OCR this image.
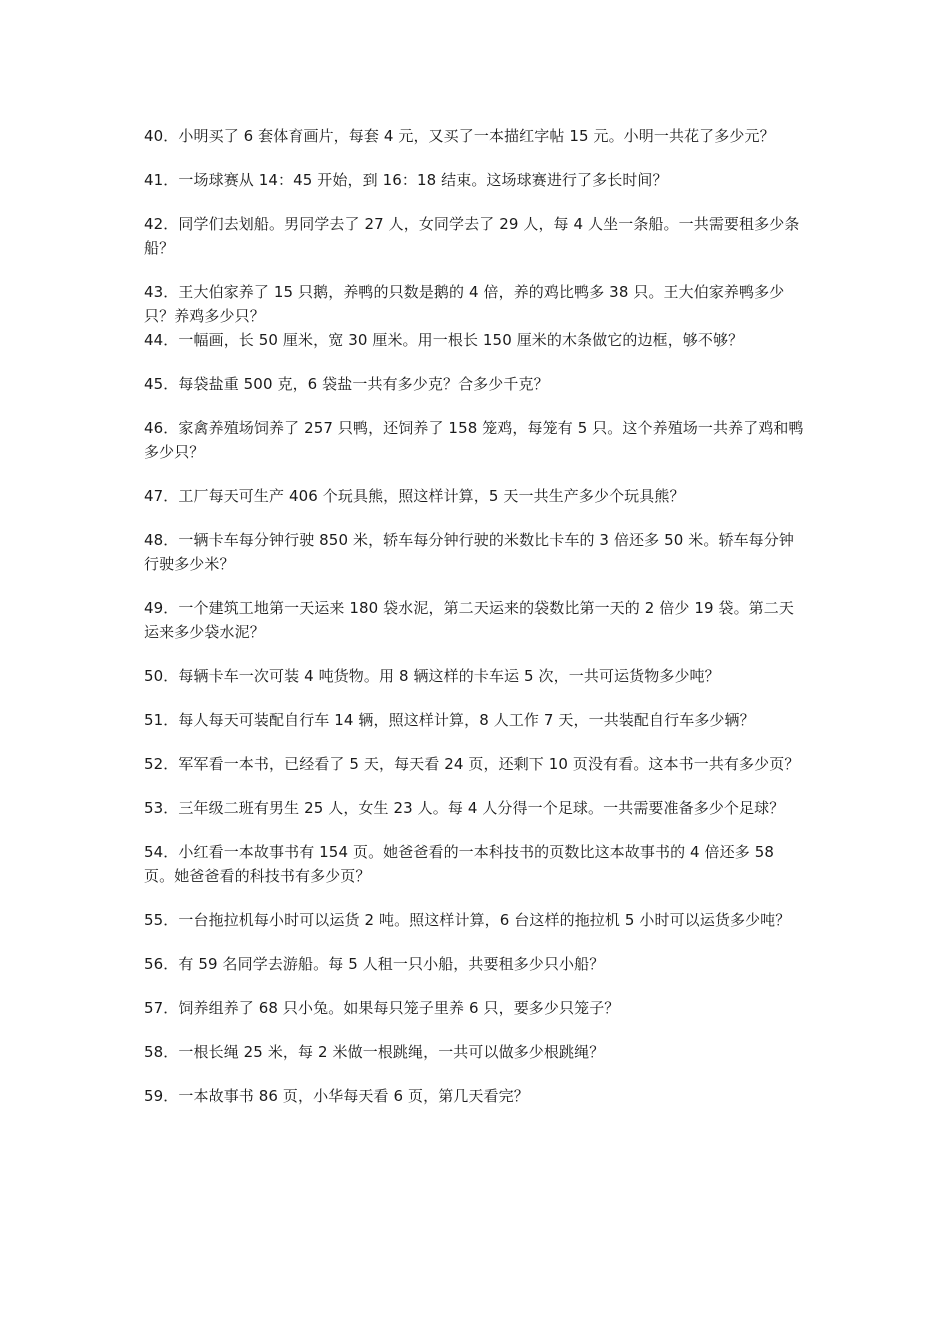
40．小明买了 6 套体育画片，每套 4 元，又买了一本描红字帖 15 元。小明一共花了多少元？

41．一场球赛从 14：45 开始，到 16：18 结束。这场球赛进行了多长时间？

42．同学们去划船。男同学去了 27 人，女同学去了 29 人，每 4 人坐一条船。一共需要租多少条船？

43．王大伯家养了 15 只鹅，养鸭的只数是鹅的 4 倍，养的鸡比鸭多 38 只。王大伯家养鸭多少只？养鸡多少只？

44．一幅画，长 50 厘米，宽 30 厘米。用一根长 150 厘米的木条做它的边框，够不够？

45．每袋盐重 500 克，6 袋盐一共有多少克？合多少千克？

46．家禽养殖场饲养了 257 只鸭，还饲养了 158 笼鸡，每笼有 5 只。这个养殖场一共养了鸡和鸭多少只？

47．工厂每天可生产 406 个玩具熊，照这样计算，5 天一共生产多少个玩具熊？

48．一辆卡车每分钟行驶 850 米，轿车每分钟行驶的米数比卡车的 3 倍还多 50 米。轿车每分钟行驶多少米？

49．一个建筑工地第一天运来 180 袋水泥，第二天运来的袋数比第一天的 2 倍少 19 袋。第二天运来多少袋水泥？

50．每辆卡车一次可装 4 吨货物。用 8 辆这样的卡车运 5 次，一共可运货物多少吨？

51．每人每天可装配自行车 14 辆，照这样计算，8 人工作 7 天，一共装配自行车多少辆？

52．军军看一本书，已经看了 5 天，每天看 24 页，还剩下 10 页没有看。这本书一共有多少页？

53．三年级二班有男生 25 人，女生 23 人。每 4 人分得一个足球。一共需要准备多少个足球？

54．小红看一本故事书有 154 页。她爸爸看的一本科技书的页数比这本故事书的 4 倍还多 58 页。她爸爸看的科技书有多少页？

55．一台拖拉机每小时可以运货 2 吨。照这样计算，6 台这样的拖拉机 5 小时可以运货多少吨？

56．有 59 名同学去游船。每 5 人租一只小船，共要租多少只小船？

57．饲养组养了 68 只小兔。如果每只笼子里养 6 只，要多少只笼子？

58．一根长绳 25 米，每 2 米做一根跳绳，一共可以做多少根跳绳？

59．一本故事书 86 页，小华每天看 6 页，第几天看完？
